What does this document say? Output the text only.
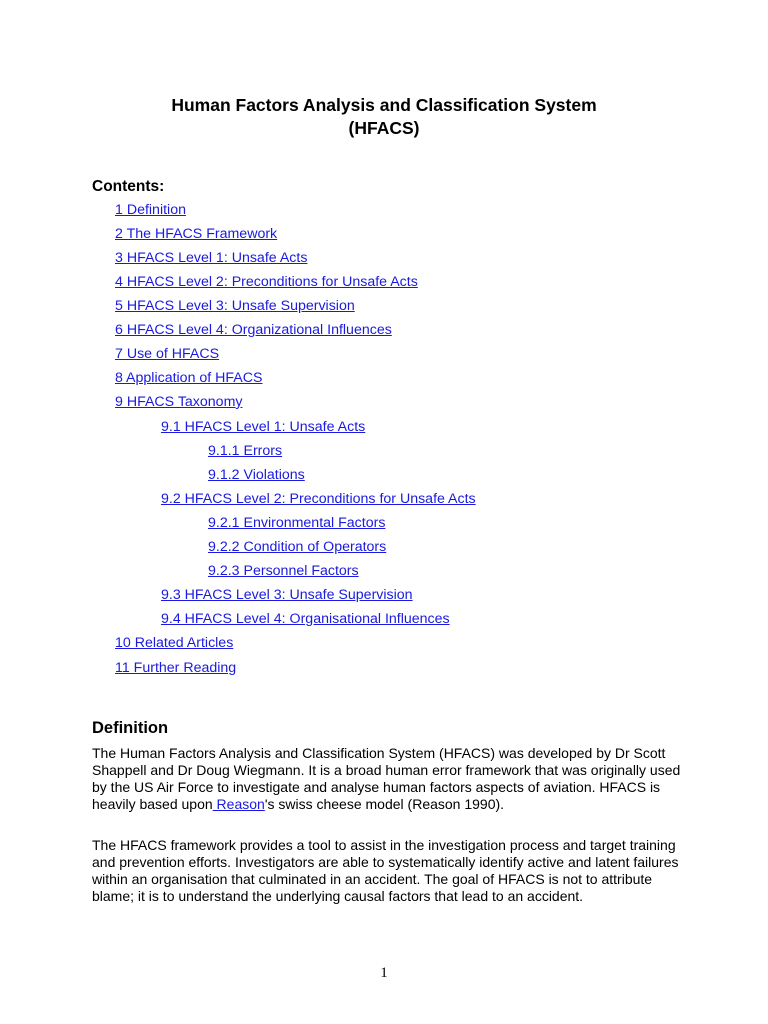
Human Factors Analysis and Classification System
(HFACS)
Contents:
1 Definition
2 The HFACS Framework
3 HFACS Level 1: Unsafe Acts
4 HFACS Level 2: Preconditions for Unsafe Acts
5 HFACS Level 3: Unsafe Supervision
6 HFACS Level 4: Organizational Influences
7 Use of HFACS
8 Application of HFACS
9 HFACS Taxonomy
9.1 HFACS Level 1: Unsafe Acts
9.1.1 Errors
9.1.2 Violations
9.2 HFACS Level 2: Preconditions for Unsafe Acts
9.2.1 Environmental Factors
9.2.2 Condition of Operators
9.2.3 Personnel Factors
9.3 HFACS Level 3: Unsafe Supervision
9.4 HFACS Level 4: Organisational Influences
10 Related Articles
11 Further Reading
Definition

The Human Factors Analysis and Classification System (HFACS) was developed by Dr Scott Shappell and Dr Doug Wiegmann. It is a broad human error framework that was originally used by the US Air Force to investigate and analyse human factors aspects of aviation. HFACS is heavily based upon Reason's swiss cheese model (Reason 1990).

The HFACS framework provides a tool to assist in the investigation process and target training and prevention efforts. Investigators are able to systematically identify active and latent failures within an organisation that culminated in an accident. The goal of HFACS is not to attribute blame; it is to understand the underlying causal factors that lead to an accident.

1
